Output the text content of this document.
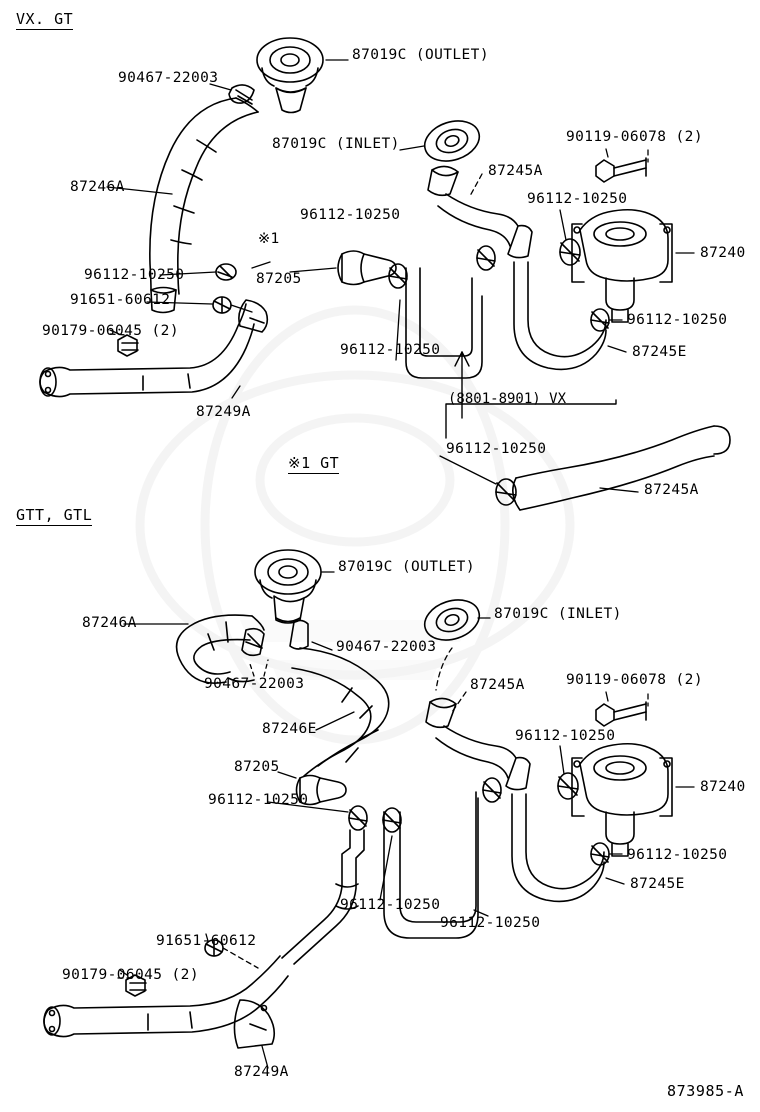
VX. GT
GTT, GTL
(8801-8901) VX
※1 GT
※1
87019C (OUTLET)
90467-22003
87019C (INLET)	90119-06078 (2)
87245A
87246A
96112-10250
96112-10250
87205
87240
96112-10250
91651-60612
90179-06045 (2)
96112-10250
96112-10250	87245E
87249A
96112-10250
87245A
87019C (OUTLET)
87019C (INLET)
87246A
90467-22003
87245A	90119-06078 (2)
90467-22003
96112-10250
87246E
87205
87240
96112-10250
96112-10250
87245E
96112-10250
96112-10250
91651-60612
90179-06045 (2)
87249A
873985-A
